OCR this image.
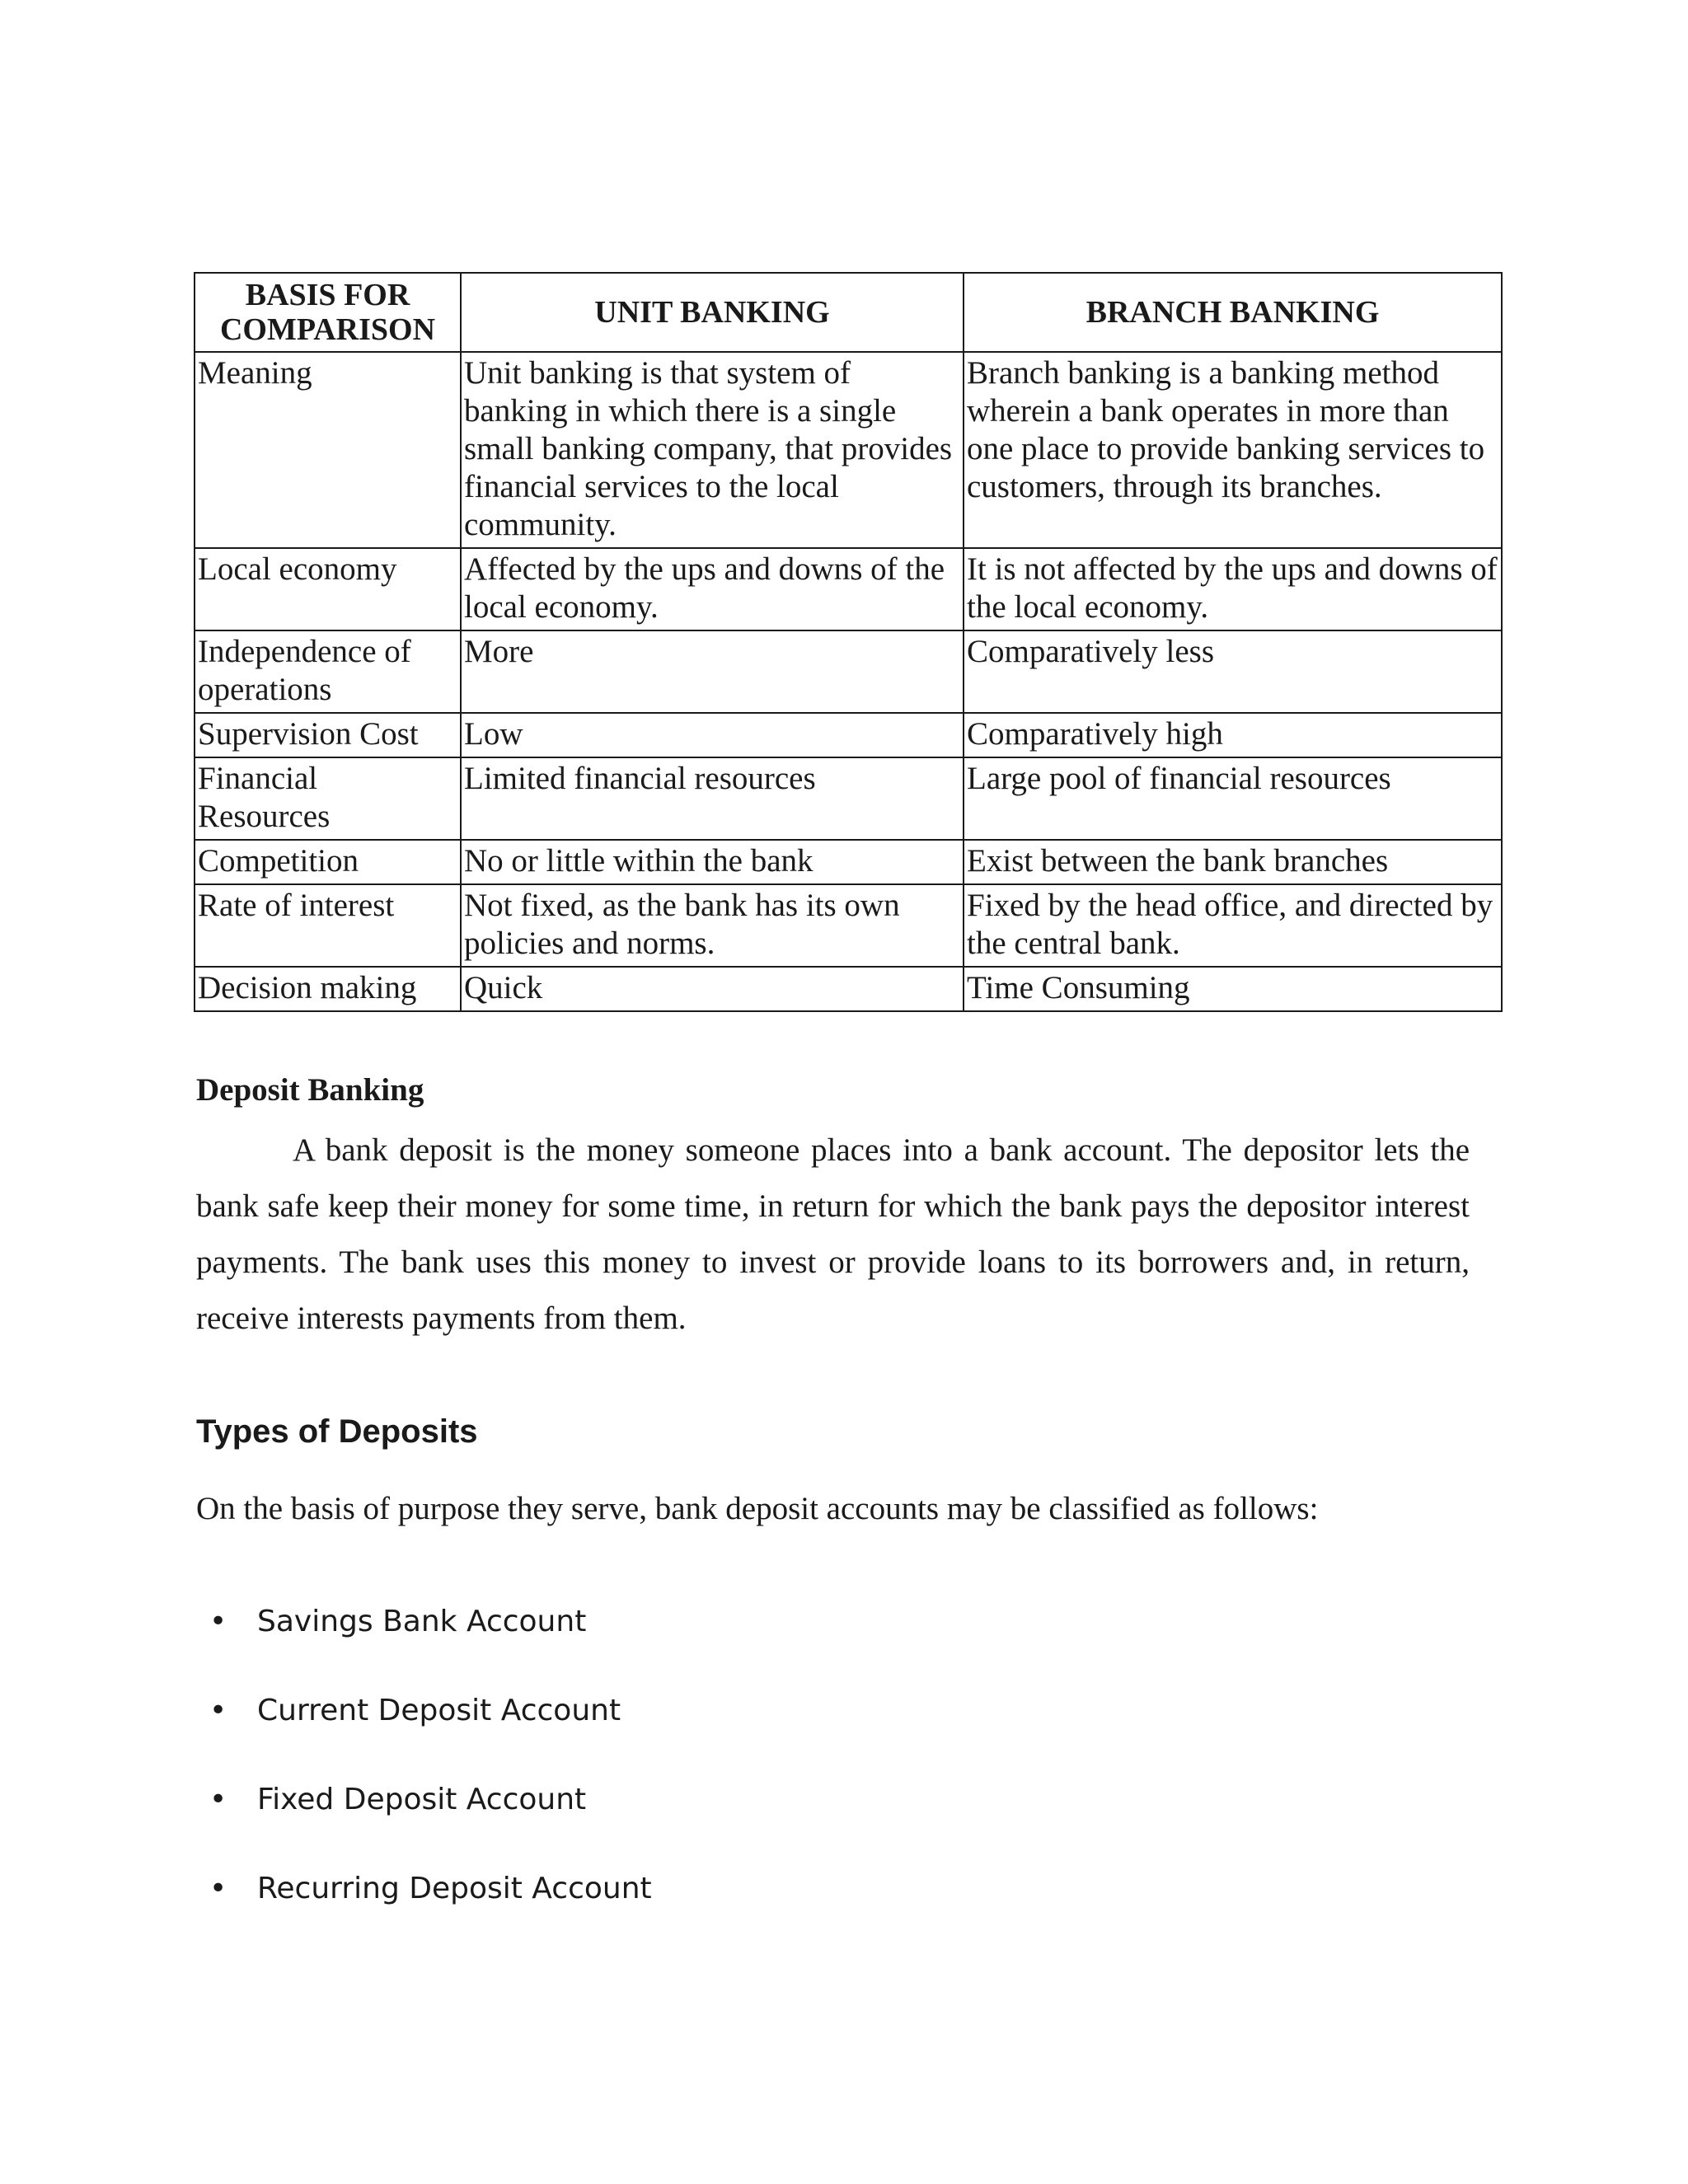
BASIS FOR COMPARISON	UNIT BANKING	BRANCH BANKING
Meaning	Unit banking is that system of banking in which there is a single small banking company, that provides financial services to the local community.	Branch banking is a banking method wherein a bank operates in more than one place to provide banking services to customers, through its branches.
Local economy	Affected by the ups and downs of the local economy.	It is not affected by the ups and downs of the local economy.
Independence of operations	More	Comparatively less
Supervision Cost	Low	Comparatively high
Financial Resources	Limited financial resources	Large pool of financial resources
Competition	No or little within the bank	Exist between the bank branches
Rate of interest	Not fixed, as the bank has its own policies and norms.	Fixed by the head office, and directed by the central bank.
Decision making	Quick	Time Consuming
Deposit Banking

A bank deposit is the money someone places into a bank account. The depositor lets the bank safe keep their money for some time, in return for which the bank pays the depositor interest payments. The bank uses this money to invest or provide loans to its borrowers and, in return, receive interests payments from them.

Types of Deposits

On the basis of purpose they serve, bank deposit accounts may be classified as follows:

• Savings Bank Account
• Current Deposit Account
• Fixed Deposit Account
• Recurring Deposit Account
